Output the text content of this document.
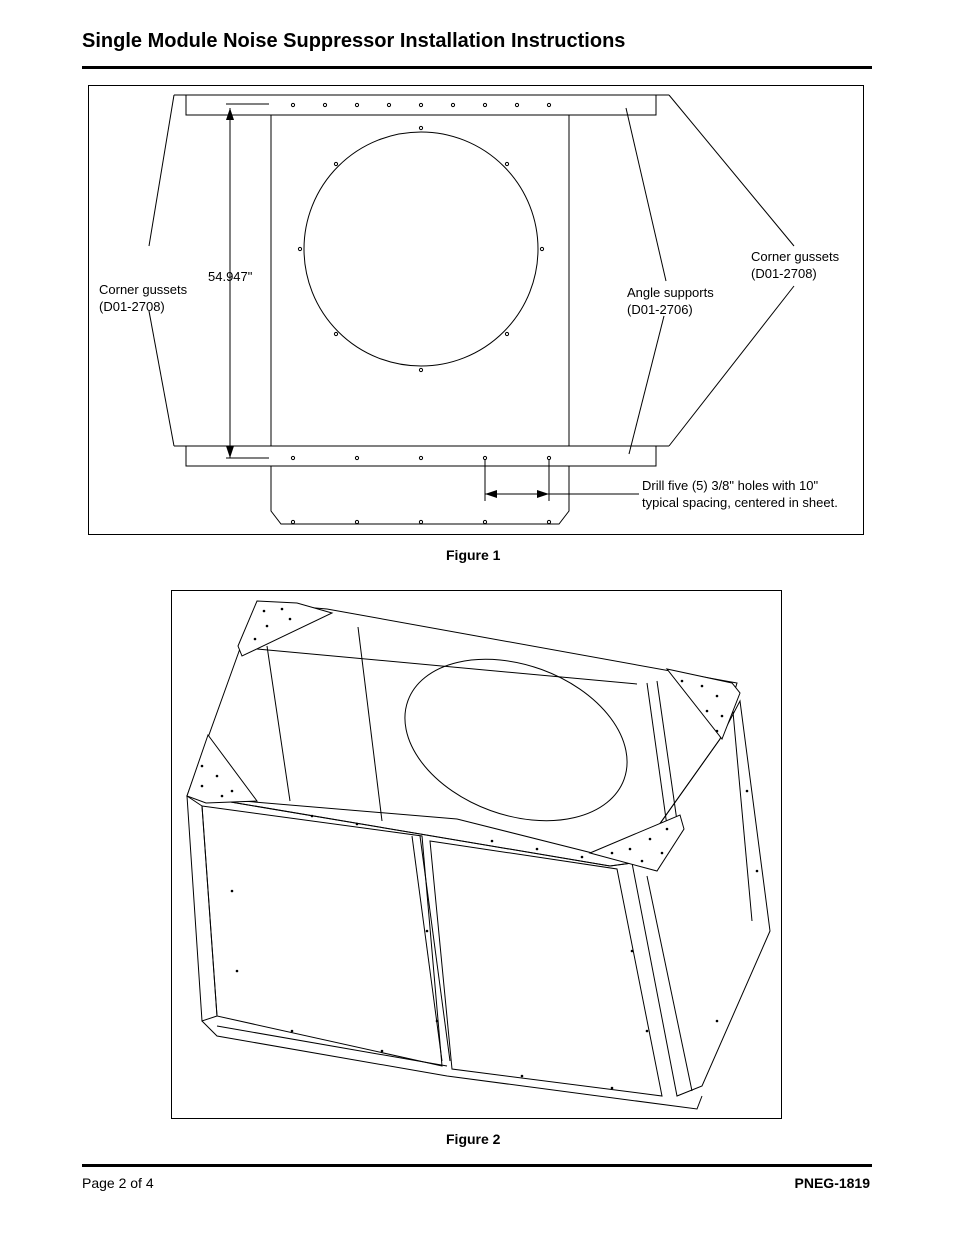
Single Module Noise Suppressor Installation Instructions
54.947"
Corner gussets
(D01-2708)
Corner gussets
(D01-2708)
Angle supports
(D01-2706)
Drill five (5) 3/8" holes with 10"
typical spacing, centered in sheet.
Figure 1
Figure 2
Page 2 of 4	PNEG-1819
